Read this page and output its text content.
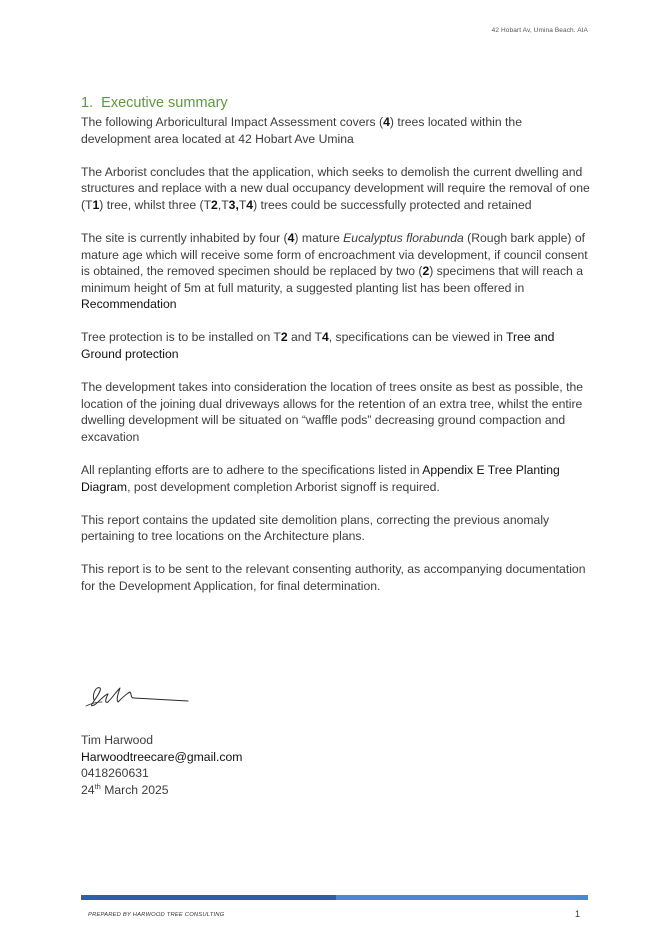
42 Hobart Av, Umina Beach. AIA
1. Executive summary

The following Arboricultural Impact Assessment covers (4) trees located within the development area located at 42 Hobart Ave Umina

The Arborist concludes that the application, which seeks to demolish the current dwelling and structures and replace with a new dual occupancy development will require the removal of one (T1) tree, whilst three (T2,T3,T4) trees could be successfully protected and retained

The site is currently inhabited by four (4) mature Eucalyptus florabunda (Rough bark apple) of mature age which will receive some form of encroachment via development, if council consent is obtained, the removed specimen should be replaced by two (2) specimens that will reach a minimum height of 5m at full maturity, a suggested planting list has been offered in Recommendation

Tree protection is to be installed on T2 and T4, specifications can be viewed in Tree and Ground protection

The development takes into consideration the location of trees onsite as best as possible, the location of the joining dual driveways allows for the retention of an extra tree, whilst the entire dwelling development will be situated on “waffle pods” decreasing ground compaction and excavation

All replanting efforts are to adhere to the specifications listed in Appendix E Tree Planting Diagram, post development completion Arborist signoff is required.

This report contains the updated site demolition plans, correcting the previous anomaly pertaining to tree locations on the Architecture plans.

This report is to be sent to the relevant consenting authority, as accompanying documentation for the Development Application, for final determination.

Tim Harwood
Harwoodtreecare@gmail.com
0418260631
24th March 2025
PREPARED BY HARWOOD TREE CONSULTING	1
